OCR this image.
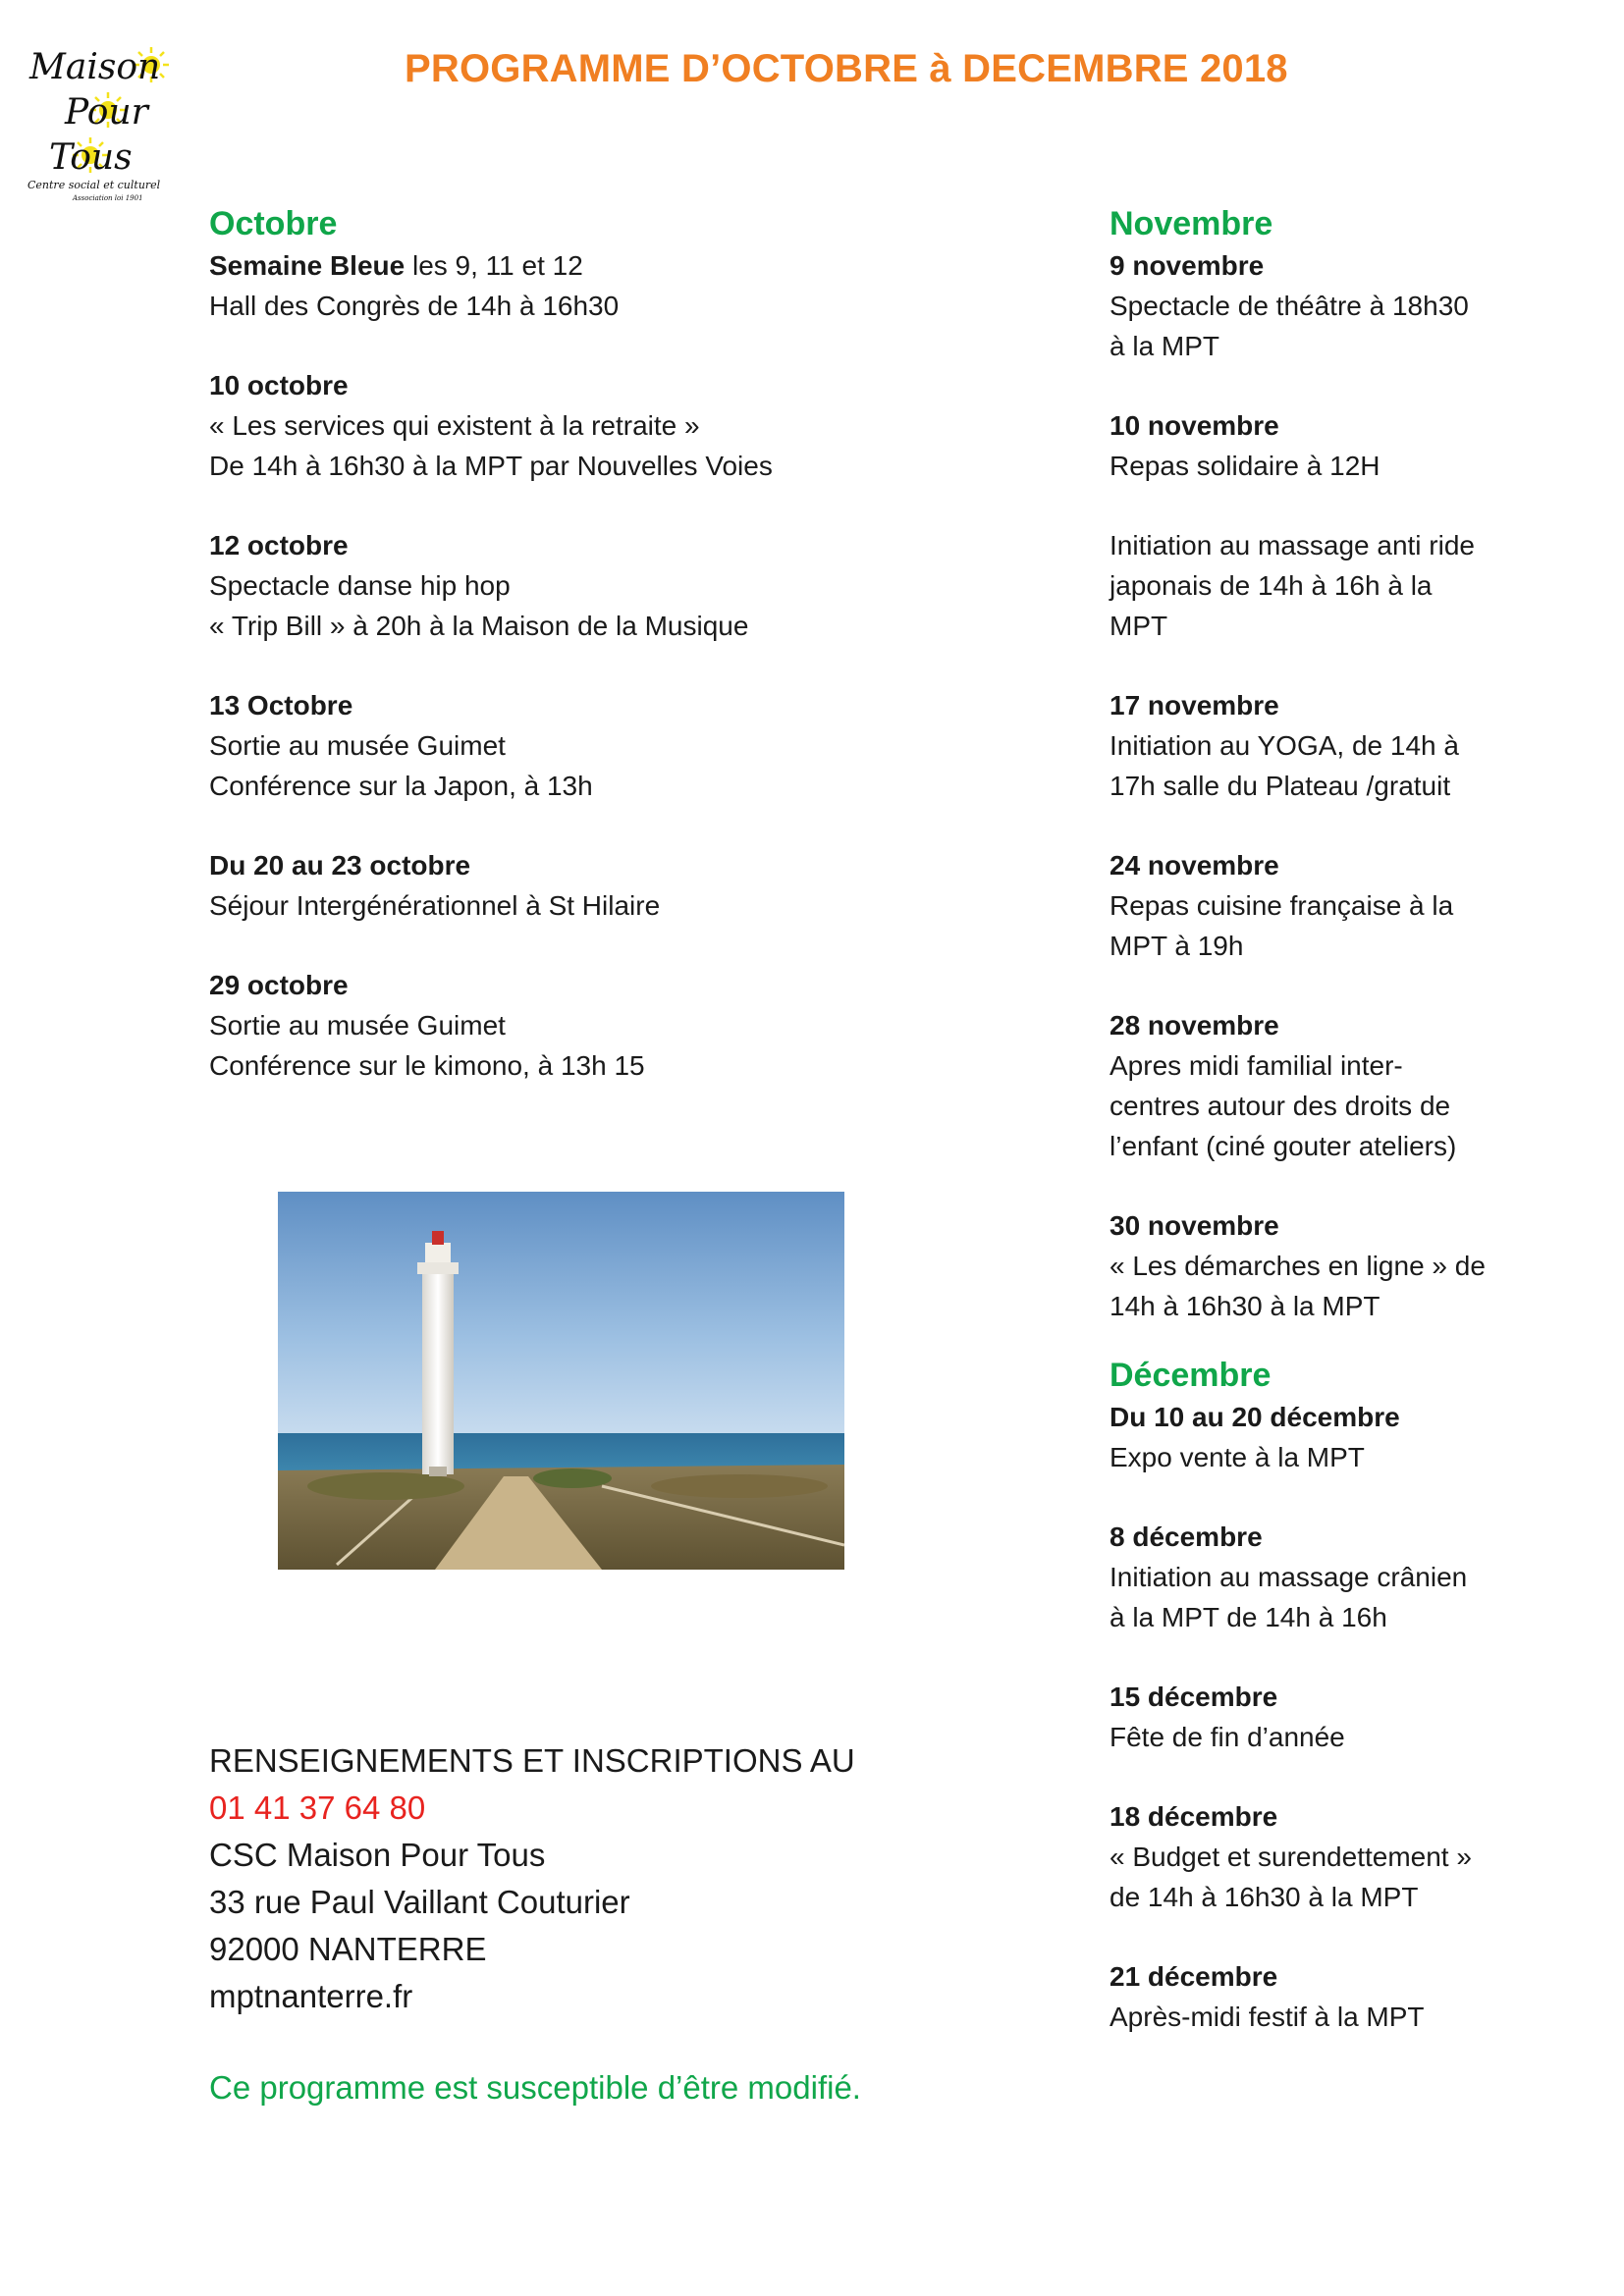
Maison
Pour
Tous
Centre social et culturel
Association loi 1901
PROGRAMME D’OCTOBRE à DECEMBRE 2018
Octobre
Semaine Bleue les 9, 11 et 12
Hall des Congrès de 14h à 16h30
10 octobre
« Les services qui existent à la retraite »
De 14h à 16h30 à la MPT par Nouvelles Voies
12 octobre
Spectacle danse hip hop
« Trip Bill » à 20h à la Maison de la Musique
13 Octobre
Sortie au musée Guimet
Conférence sur la Japon, à 13h
Du 20 au 23 octobre
Séjour Intergénérationnel à St Hilaire
29 octobre
Sortie au musée Guimet
Conférence sur le kimono, à 13h 15
Novembre
9 novembre
Spectacle de théâtre à 18h30
à la MPT
10 novembre
Repas solidaire à 12H
Initiation au massage anti ride
japonais de 14h à 16h à la
MPT
17 novembre
Initiation au YOGA, de 14h à
17h salle du Plateau /gratuit
24 novembre
Repas cuisine française à la
MPT à 19h
28 novembre
Apres midi familial inter-
centres autour des droits de
l’enfant (ciné gouter ateliers)
30 novembre
« Les démarches en ligne » de
14h à 16h30 à la MPT
Décembre
Du 10 au 20 décembre
Expo vente à la MPT
8 décembre
Initiation au massage crânien
à la MPT de 14h à 16h
15 décembre
Fête de fin d’année
18 décembre
« Budget et surendettement »
de 14h à 16h30 à la MPT
21 décembre
Après-midi festif à la MPT
RENSEIGNEMENTS ET INSCRIPTIONS AU
01 41 37 64 80
CSC Maison Pour Tous
33 rue Paul Vaillant Couturier
92000 NANTERRE
mptnanterre.fr
Ce programme est susceptible d’être modifié.
